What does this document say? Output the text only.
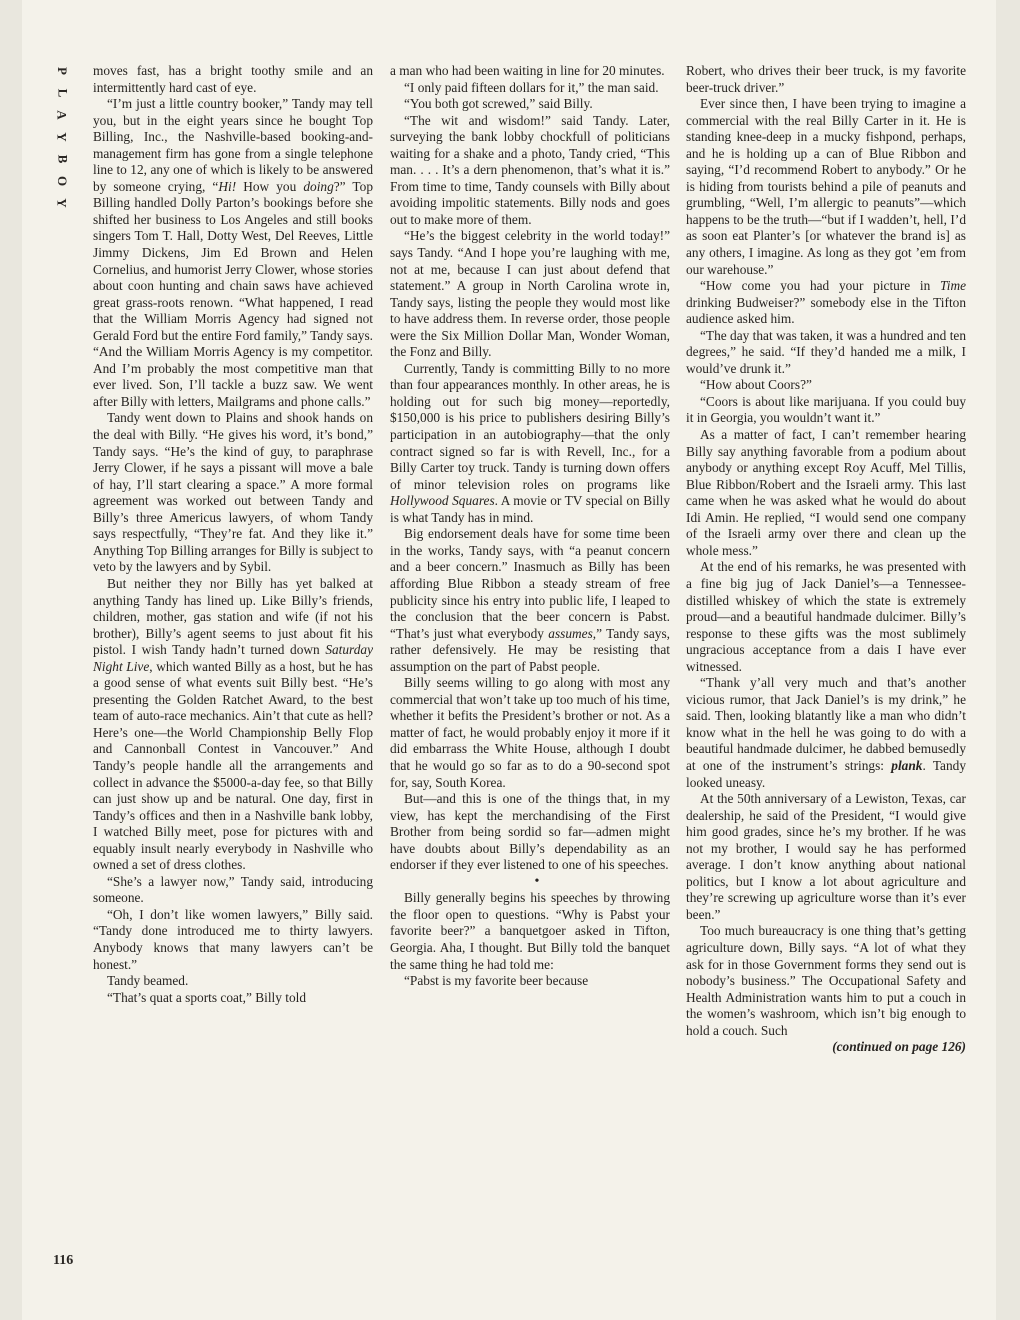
P
L
A
Y
B
O
Y

moves fast, has a bright toothy smile and an intermittently hard cast of eye.

“I’m just a little country booker,” Tandy may tell you, but in the eight years since he bought Top Billing, Inc., the Nashville-based booking-and-management firm has gone from a single telephone line to 12, any one of which is likely to be answered by someone crying, “Hi! How you doing?” Top Billing handled Dolly Parton’s bookings before she shifted her business to Los Angeles and still books singers Tom T. Hall, Dotty West, Del Reeves, Little Jimmy Dickens, Jim Ed Brown and Helen Cornelius, and humorist Jerry Clower, whose stories about coon hunting and chain saws have achieved great grass-roots renown. “What happened, I read that the William Morris Agency had signed not Gerald Ford but the entire Ford family,” Tandy says. “And the William Morris Agency is my competitor. And I’m probably the most competitive man that ever lived. Son, I’ll tackle a buzz saw. We went after Billy with letters, Mailgrams and phone calls.”

Tandy went down to Plains and shook hands on the deal with Billy. “He gives his word, it’s bond,” Tandy says. “He’s the kind of guy, to paraphrase Jerry Clower, if he says a pissant will move a bale of hay, I’ll start clearing a space.” A more formal agreement was worked out between Tandy and Billy’s three Americus lawyers, of whom Tandy says respectfully, “They’re fat. And they like it.” Anything Top Billing arranges for Billy is subject to veto by the lawyers and by Sybil.

But neither they nor Billy has yet balked at anything Tandy has lined up. Like Billy’s friends, children, mother, gas station and wife (if not his brother), Billy’s agent seems to just about fit his pistol. I wish Tandy hadn’t turned down Saturday Night Live, which wanted Billy as a host, but he has a good sense of what events suit Billy best. “He’s presenting the Golden Ratchet Award, to the best team of auto-race mechanics. Ain’t that cute as hell? Here’s one—the World Championship Belly Flop and Cannonball Contest in Vancouver.” And Tandy’s people handle all the arrangements and collect in advance the $5000-a-day fee, so that Billy can just show up and be natural. One day, first in Tandy’s offices and then in a Nashville bank lobby, I watched Billy meet, pose for pictures with and equably insult nearly everybody in Nashville who owned a set of dress clothes.

“She’s a lawyer now,” Tandy said, introducing someone.

“Oh, I don’t like women lawyers,” Billy said. “Tandy done introduced me to thirty lawyers. Anybody knows that many lawyers can’t be honest.”

Tandy beamed.

“That’s quat a sports coat,” Billy told

a man who had been waiting in line for 20 minutes.

“I only paid fifteen dollars for it,” the man said.

“You both got screwed,” said Billy.

“The wit and wisdom!” said Tandy. Later, surveying the bank lobby chockfull of politicians waiting for a shake and a photo, Tandy cried, “This man. . . . It’s a dern phenomenon, that’s what it is.” From time to time, Tandy counsels with Billy about avoiding impolitic statements. Billy nods and goes out to make more of them.

“He’s the biggest celebrity in the world today!” says Tandy. “And I hope you’re laughing with me, not at me, because I can just about defend that statement.” A group in North Carolina wrote in, Tandy says, listing the people they would most like to have address them. In reverse order, those people were the Six Million Dollar Man, Wonder Woman, the Fonz and Billy.

Currently, Tandy is committing Billy to no more than four appearances monthly. In other areas, he is holding out for such big money—reportedly, $150,000 is his price to publishers desiring Billy’s participation in an autobiography—that the only contract signed so far is with Revell, Inc., for a Billy Carter toy truck. Tandy is turning down offers of minor television roles on programs like Hollywood Squares. A movie or TV special on Billy is what Tandy has in mind.

Big endorsement deals have for some time been in the works, Tandy says, with “a peanut concern and a beer concern.” Inasmuch as Billy has been affording Blue Ribbon a steady stream of free publicity since his entry into public life, I leaped to the conclusion that the beer concern is Pabst. “That’s just what everybody assumes,” Tandy says, rather defensively. He may be resisting that assumption on the part of Pabst people.

Billy seems willing to go along with most any commercial that won’t take up too much of his time, whether it befits the President’s brother or not. As a matter of fact, he would probably enjoy it more if it did embarrass the White House, although I doubt that he would go so far as to do a 90-second spot for, say, South Korea.

But—and this is one of the things that, in my view, has kept the merchandising of the First Brother from being sordid so far—admen might have doubts about Billy’s dependability as an endorser if they ever listened to one of his speeches.

•

Billy generally begins his speeches by throwing the floor open to questions. “Why is Pabst your favorite beer?” a banquetgoer asked in Tifton, Georgia. Aha, I thought. But Billy told the banquet the same thing he had told me:

“Pabst is my favorite beer because

Robert, who drives their beer truck, is my favorite beer-truck driver.”

Ever since then, I have been trying to imagine a commercial with the real Billy Carter in it. He is standing knee-deep in a mucky fishpond, perhaps, and he is holding up a can of Blue Ribbon and saying, “I’d recommend Robert to anybody.” Or he is hiding from tourists behind a pile of peanuts and grumbling, “Well, I’m allergic to peanuts”—which happens to be the truth—“but if I wadden’t, hell, I’d as soon eat Planter’s [or whatever the brand is] as any others, I imagine. As long as they got ’em from our warehouse.”

“How come you had your picture in Time drinking Budweiser?” somebody else in the Tifton audience asked him.

“The day that was taken, it was a hundred and ten degrees,” he said. “If they’d handed me a milk, I would’ve drunk it.”

“How about Coors?”

“Coors is about like marijuana. If you could buy it in Georgia, you wouldn’t want it.”

As a matter of fact, I can’t remember hearing Billy say anything favorable from a podium about anybody or anything except Roy Acuff, Mel Tillis, Blue Ribbon/Robert and the Israeli army. This last came when he was asked what he would do about Idi Amin. He replied, “I would send one company of the Israeli army over there and clean up the whole mess.”

At the end of his remarks, he was presented with a fine big jug of Jack Daniel’s—a Tennessee-distilled whiskey of which the state is extremely proud—and a beautiful handmade dulcimer. Billy’s response to these gifts was the most sublimely ungracious acceptance from a dais I have ever witnessed.

“Thank y’all very much and that’s another vicious rumor, that Jack Daniel’s is my drink,” he said. Then, looking blatantly like a man who didn’t know what in the hell he was going to do with a beautiful handmade dulcimer, he dabbed bemusedly at one of the instrument’s strings: plank. Tandy looked uneasy.

At the 50th anniversary of a Lewiston, Texas, car dealership, he said of the President, “I would give him good grades, since he’s my brother. If he was not my brother, I would say he has performed average. I don’t know anything about national politics, but I know a lot about agriculture and they’re screwing up agriculture worse than it’s ever been.”

Too much bureaucracy is one thing that’s getting agriculture down, Billy says. “A lot of what they ask for in those Government forms they send out is nobody’s business.” The Occupational Safety and Health Administration wants him to put a couch in the women’s washroom, which isn’t big enough to hold a couch. Such

(continued on page 126)

116
